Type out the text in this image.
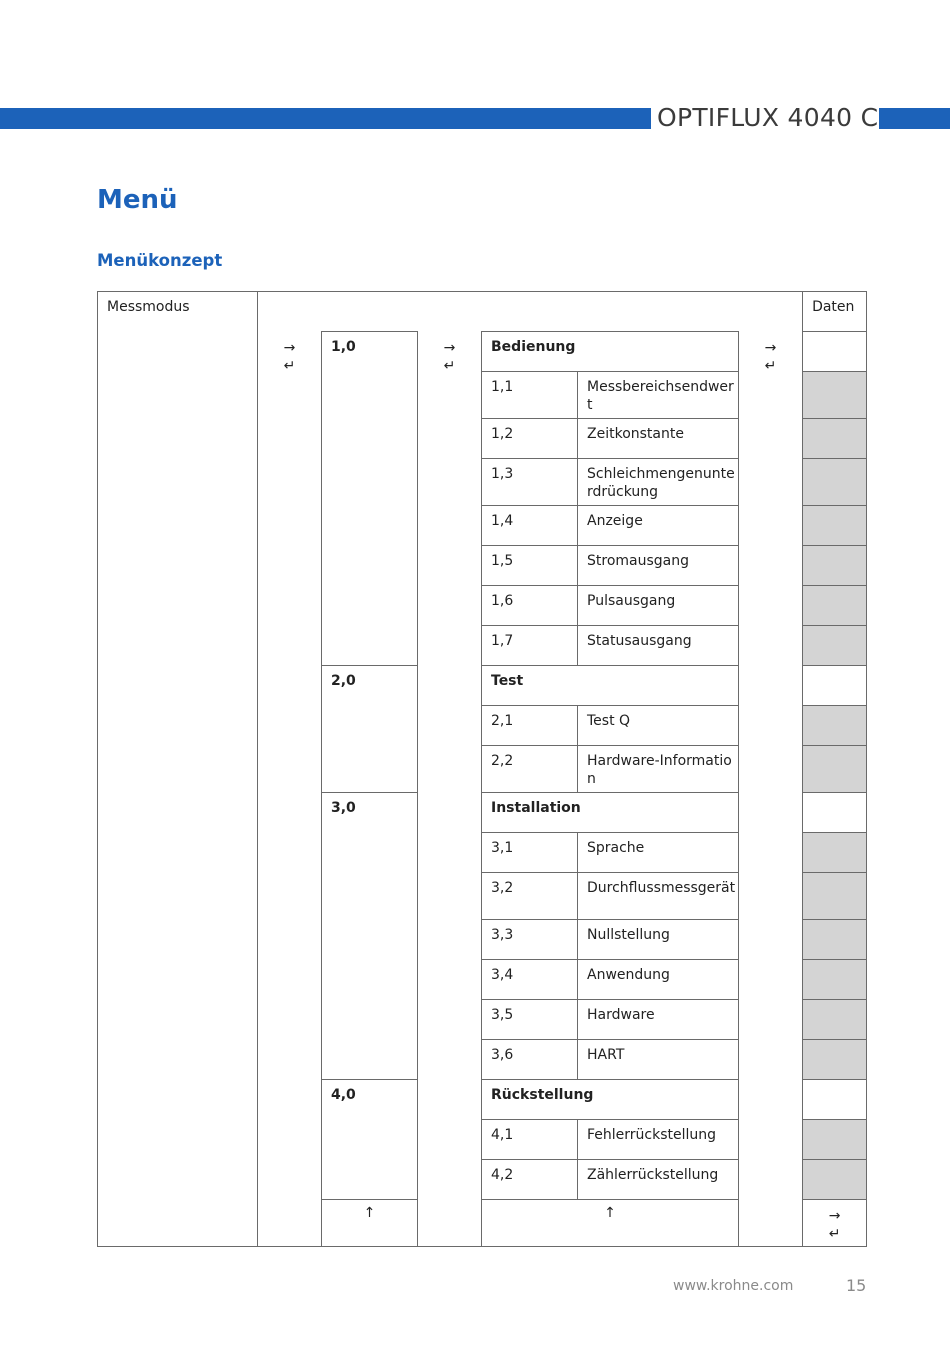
OPTIFLUX 4040 C
Menü
Menükonzept
Messmodus							Daten

	→
↵	1,0	→
↵	Bedienung		→
↵	

				1,1	Messbereichsendwert		

				1,2	Zeitkonstante		

				1,3	Schleichmengenunterdrückung		

				1,4	Anzeige		

				1,5	Stromausgang		

				1,6	Pulsausgang		

				1,7	Statusausgang		

		2,0		Test			

				2,1	Test Q		

				2,2	Hardware-Information		

		3,0		Installation			

				3,1	Sprache		

				3,2	Durchflussmessgerät		

				3,3	Nullstellung		

				3,4	Anwendung		

				3,5	Hardware		

				3,6	HART		

		4,0		Rückstellung			

				4,1	Fehlerrückstellung		

				4,2	Zählerrückstellung		

		↑		↑			→
↵
www.krohne.com	15
